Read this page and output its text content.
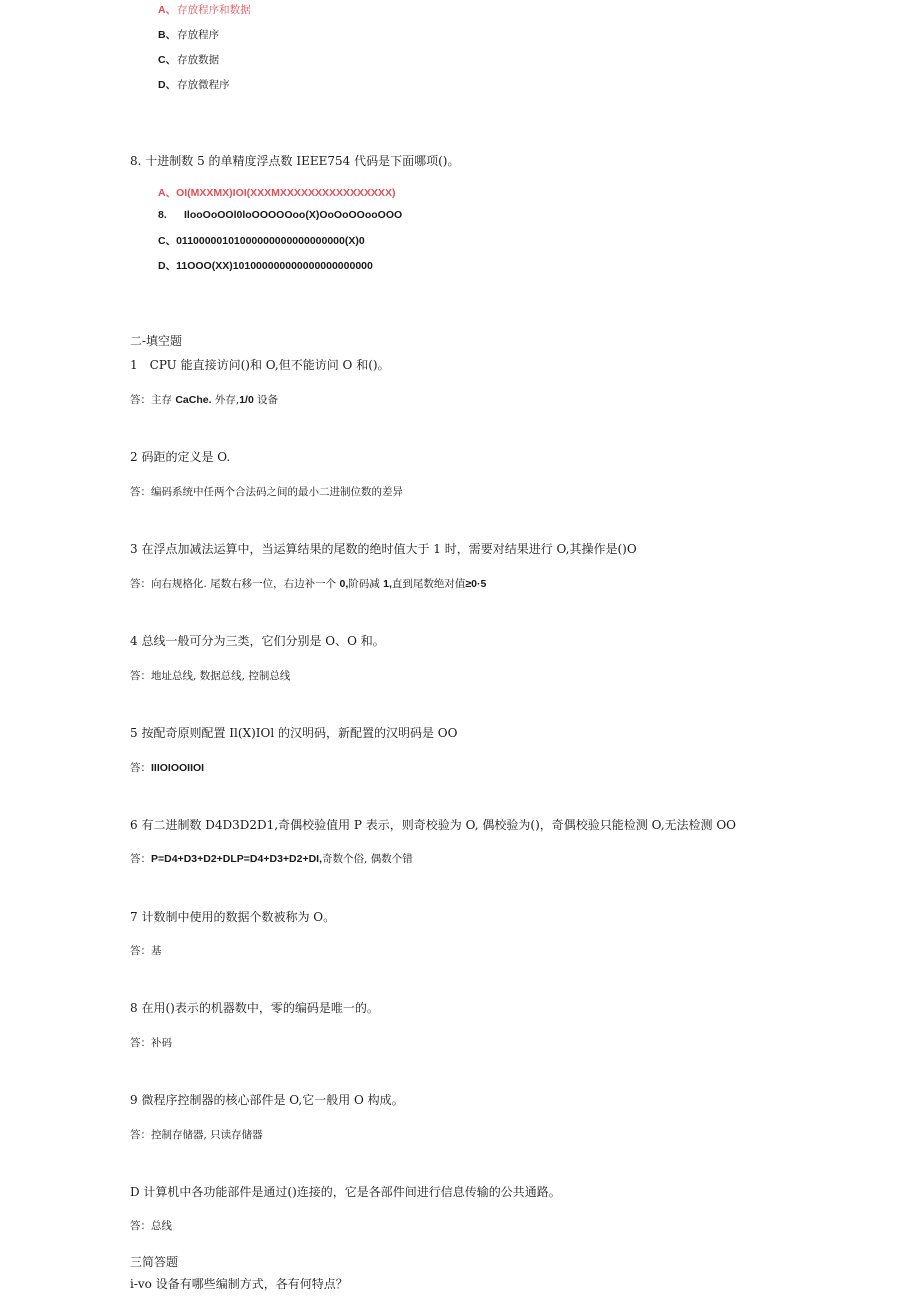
A、存放程序和数据
B、存放程序
C、存放数据
D、存放微程序
8. 十进制数 5 的单精度浮点数 IEEE754 代码是下面哪项()。
A、OI(MXXMX)IOI(XXXMXXXXXXXXXXXXXXXX)
8. IlooOoOOl0loOOOOOoo(X)OoOoOOooOOO
C、01100000101000000000000000000(X)0
D、11OOO(XX)101000000000000000000000
二-填空题
1　CPU 能直接访问()和 O,但不能访问 O 和()。
答：主存 CaChe. 外存,1/0 设备
2 码距的定义是 O.
答：编码系统中任两个合法码之间的最小二进制位数的差异
3 在浮点加减法运算中，当运算结果的尾数的绝时值大于 1 时，需要对结果进行 O,其操作是()O
答：向右规格化. 尾数右移一位，右边补一个 0,阶码减 1,直到尾数绝对值≥0·5
4 总线一般可分为三类，它们分别是 O、O 和。
答：地址总线, 数据总线, 控制总线
5 按配奇原则配置 Il(X)IOl 的汉明码，新配置的汉明码是 OO
答：IIIOIOOIIOI
6 有二进制数 D4D3D2D1,奇偶校验值用 P 表示，则奇校验为 O, 偶校验为()，奇偶校验只能检测 O,无法检测 OO
答：P=D4+D3+D2+DLP=D4+D3+D2+DI,奇数个俗, 偶数个错
7 计数制中使用的数据个数被称为 O。
答：基
8 在用()表示的机器数中，零的编码是唯一的。
答：补码
9 微程序控制器的核心部件是 O,它一般用 O 构成。
答：控制存储器, 只读存储器
D 计算机中各功能部件是通过()连接的，它是各部件间进行信息传输的公共通路。
答：总线
三简答题
i-vo 设备有哪些编制方式，各有何特点？
